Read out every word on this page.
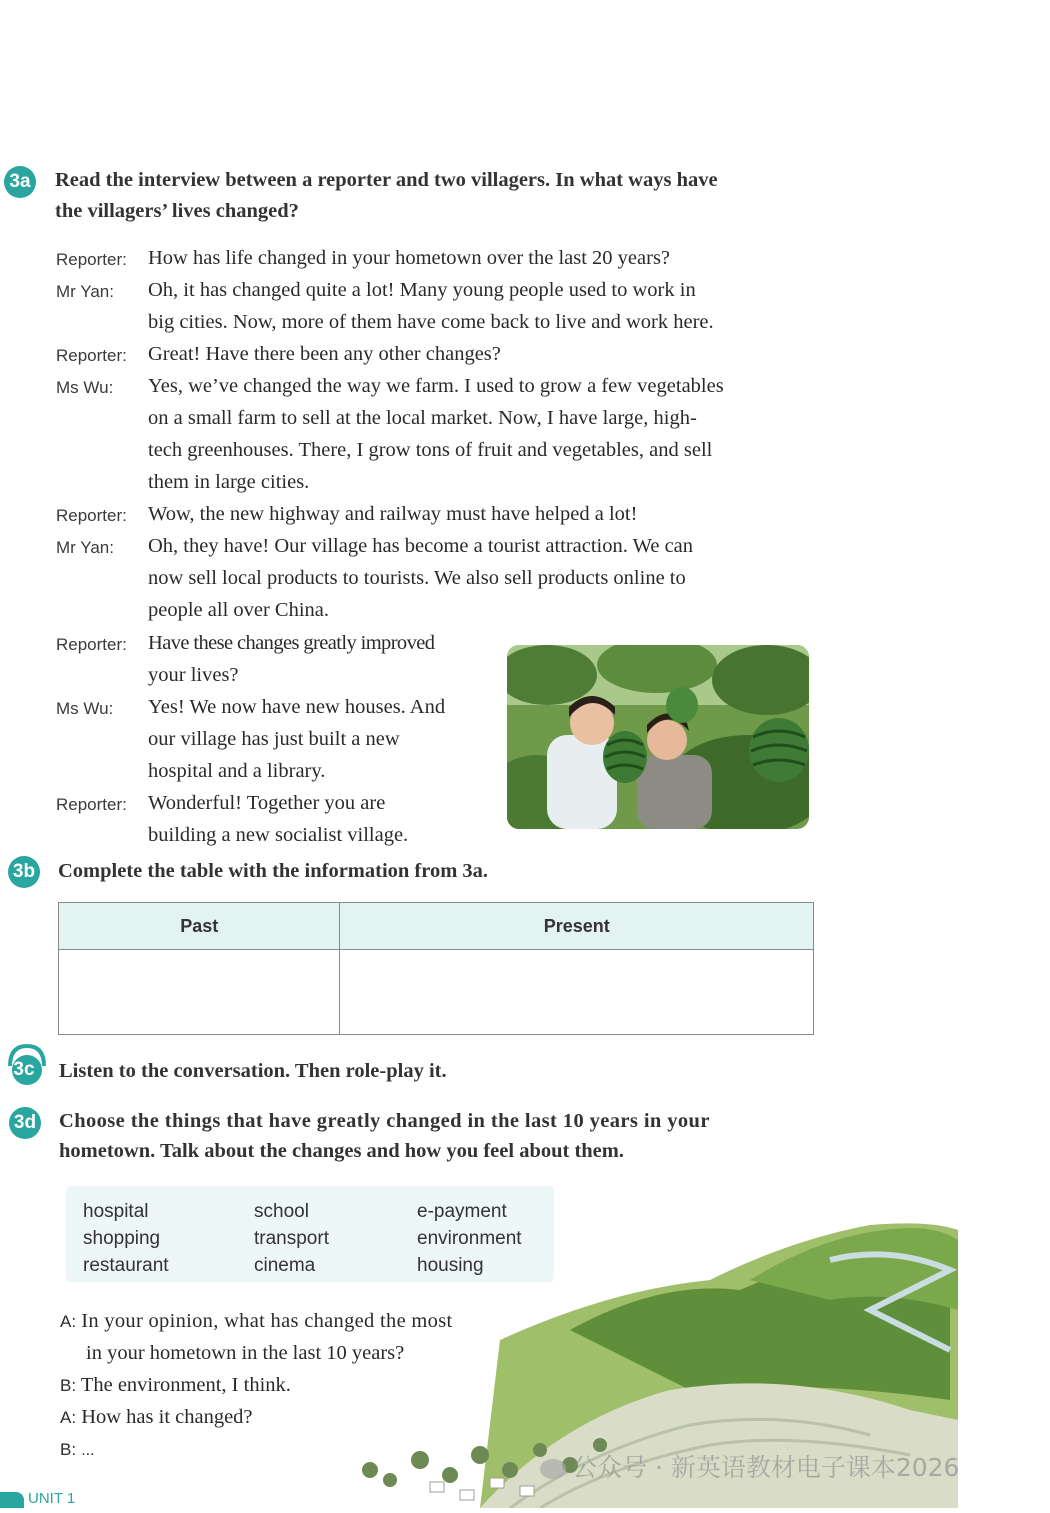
3a Read the interview between a reporter and two villagers. In what ways have
the villagers’ lives changed?
Reporter: How has life changed in your hometown over the last 20 years?
Mr Yan: Oh, it has changed quite a lot! Many young people used to work in
big cities. Now, more of them have come back to live and work here.
Reporter: Great! Have there been any other changes?
Ms Wu: Yes, we’ve changed the way we farm. I used to grow a few vegetables
on a small farm to sell at the local market. Now, I have large, high-
tech greenhouses. There, I grow tons of fruit and vegetables, and sell
them in large cities.
Reporter: Wow, the new highway and railway must have helped a lot!
Mr Yan: Oh, they have! Our village has become a tourist attraction. We can
now sell local products to tourists. We also sell products online to
people all over China.
Reporter: Have these changes greatly improved
your lives?
Ms Wu: Yes! We now have new houses. And
our village has just built a new
hospital and a library.
Reporter: Wonderful! Together you are
building a new socialist village.
3b Complete the table with the information from 3a.
Past	Present

3c Listen to the conversation. Then role-play it.
3d Choose the things that have greatly changed in the last 10 years in your
hometown. Talk about the changes and how you feel about them.
hospital
shopping
restaurant
school
transport
cinema
e-payment
environment
housing
A: In your opinion, what has changed the most
in your hometown in the last 10 years?
B: The environment, I think.
A: How has it changed?
B: ...
公众号 · 新英语教材电子课本2026
UNIT 1
